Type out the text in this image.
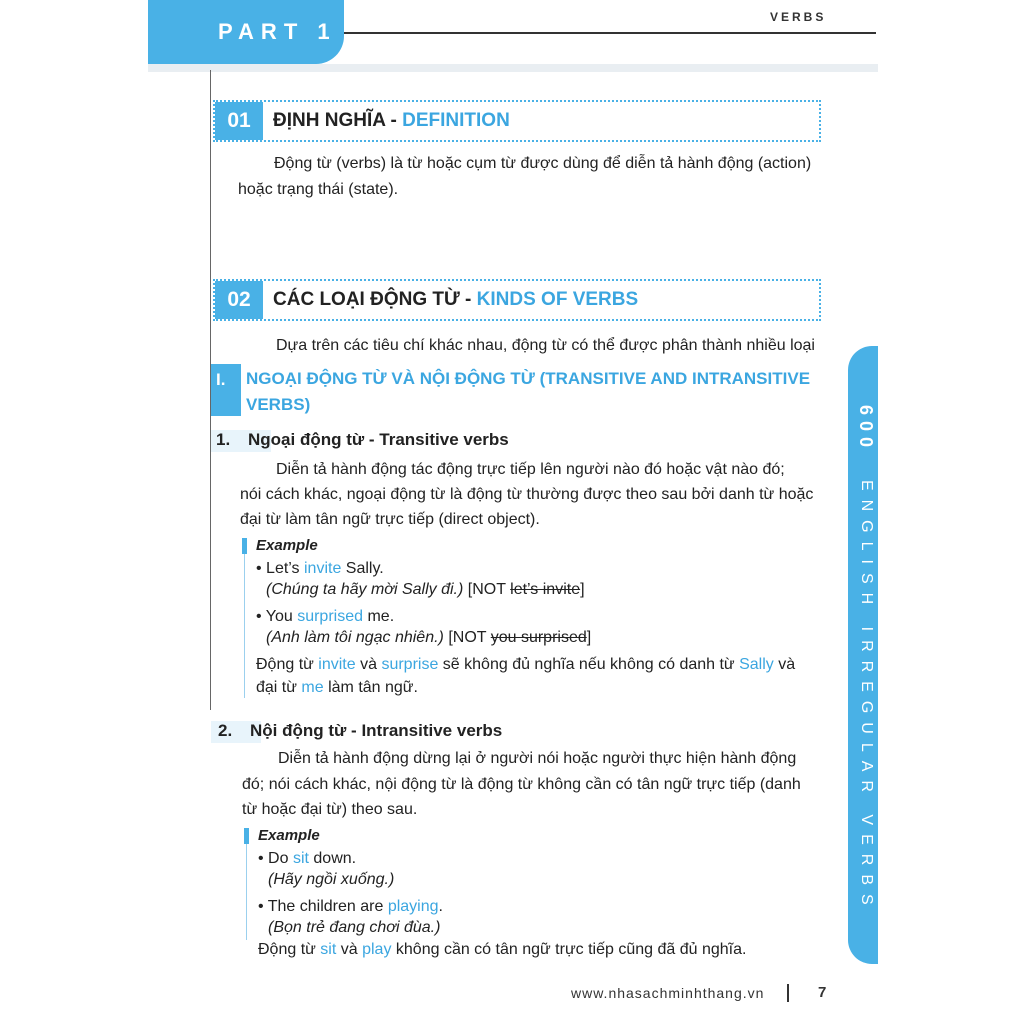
PART 1
VERBS
01	ĐỊNH NGHĨA - DEFINITION
Động từ (verbs) là từ hoặc cụm từ được dùng để diễn tả hành động (action)
hoặc trạng thái (state).
02	CÁC LOẠI ĐỘNG TỪ - KINDS OF VERBS
Dựa trên các tiêu chí khác nhau, động từ có thể được phân thành nhiều loại
I.	NGOẠI ĐỘNG TỪ VÀ NỘI ĐỘNG TỪ (TRANSITIVE AND INTRANSITIVE
VERBS)
1. Ngoại động từ - Transitive verbs
Diễn tả hành động tác động trực tiếp lên người nào đó hoặc vật nào đó;
nói cách khác, ngoại động từ là động từ thường được theo sau bởi danh từ hoặc
đại từ làm tân ngữ trực tiếp (direct object).
Example
• Let’s invite Sally.
(Chúng ta hãy mời Sally đi.) [NOT let’s invite]
• You surprised me.
(Anh làm tôi ngạc nhiên.) [NOT you surprised]
Động từ invite và surprise sẽ không đủ nghĩa nếu không có danh từ Sally và
đại từ me làm tân ngữ.
2. Nội động từ - Intransitive verbs
Diễn tả hành động dừng lại ở người nói hoặc người thực hiện hành động
đó; nói cách khác, nội động từ là động từ không cần có tân ngữ trực tiếp (danh
từ hoặc đại từ) theo sau.
Example
• Do sit down.
(Hãy ngồi xuống.)
• The children are playing.
(Bọn trẻ đang chơi đùa.)
Động từ sit và play không cần có tân ngữ trực tiếp cũng đã đủ nghĩa.
600  ENGLISH IRREGULAR VERBS
www.nhasachminhthang.vn	7
